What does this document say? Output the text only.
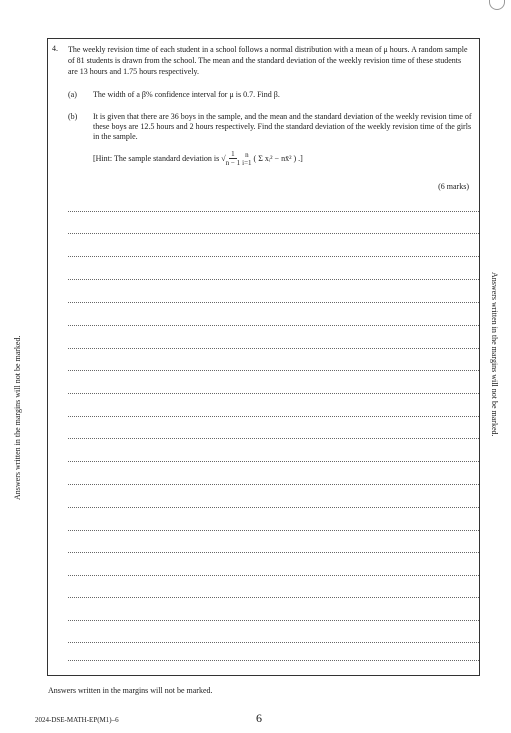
4. The weekly revision time of each student in a school follows a normal distribution with a mean of μ hours. A random sample of 81 students is drawn from the school. The mean and the standard deviation of the weekly revision time of these students are 13 hours and 1.75 hours respectively.
(a) The width of a β% confidence interval for μ is 0.7. Find β.
(b) It is given that there are 36 boys in the sample, and the mean and the standard deviation of the weekly revision time of these boys are 12.5 hours and 2 hours respectively. Find the standard deviation of the weekly revision time of the girls in the sample.
[Hint: The sample standard deviation is √ $\frac{1}{n - 1}$ n
i=1 ( Σ xᵢ² − nx̄² ) .]
(6 marks)
Answers written in the margins will not be marked.	Answers written in the margins will not be marked.
Answers written in the margins will not be marked.
2024-DSE-MATH-EP(M1)–6	6
